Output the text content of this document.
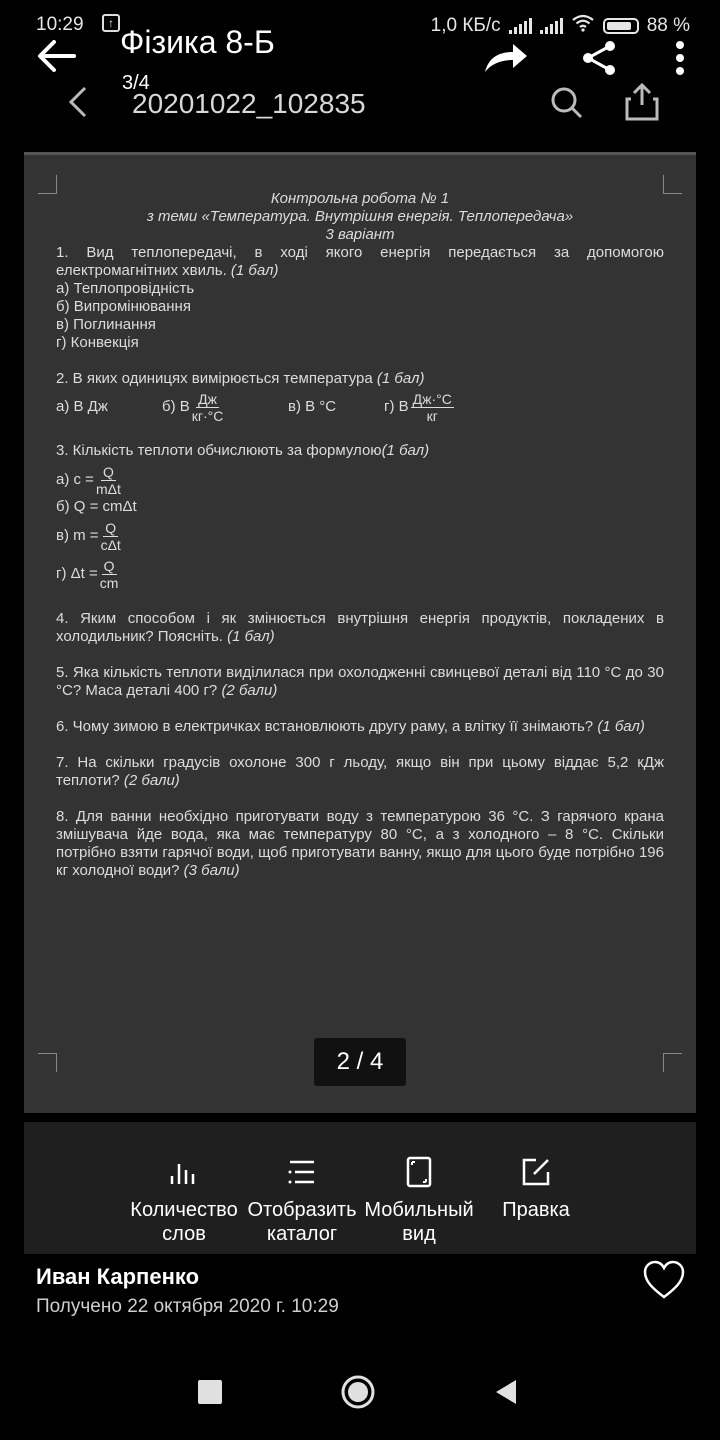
10:29	↑	1,0 КБ/с	88 %
Фізика 8-Б
3/4
20201022_102835
Контрольна робота № 1
з теми «Температура. Внутрішня енергія. Теплопередача»
3 варіант
1. Вид теплопередачі, в ході якого енергія передається за допомогою електромагнітних хвиль. (1 бал)
а) Теплопровідність
б) Випромінювання
в) Поглинання
г) Конвекція
2. В яких одиницях вимірюється температура (1 бал)
а) В Дж	б) В $\frac{Дж}{кг\cdot^\circ С}$	в) В °С	г) В $\frac{Дж\cdot^\circ С}{кг}$
3. Кількість теплоти обчислюють за формулою(1 бал)
а) $с = \frac{Q}{\text{mΔt}}$
б) Q = cmΔt
в) $m = \frac{Q}{\text{cΔt}}$
г) $\Delta t = \frac{Q}{cm}$
4. Яким способом і як змінюється внутрішня енергія продуктів, покладених в холодильник? Поясніть. (1 бал)
5. Яка кількість теплоти виділилася при охолодженні свинцевої деталі від 110 °С до 30 °С? Маса деталі 400 г? (2 бали)
6. Чому зимою в електричках встановлюють другу раму, а влітку її знімають? (1 бал)
7. На скільки градусів охолоне 300 г льоду, якщо він при цьому віддає 5,2 кДж теплоти? (2 бали)
8. Для ванни необхідно приготувати воду з температурою 36 °С. З гарячого крана змішувача йде вода, яка має температуру 80 °С, а з холодного – 8 °С. Скільки потрібно взяти гарячої води, щоб приготувати ванну, якщо для цього буде потрібно 196 кг холодної води? (3 бали)
2 / 4
Количество
слов
Отобразить
каталог
Мобильный
вид
Правка
Иван Карпенко
Получено 22 октября 2020 г. 10:29
